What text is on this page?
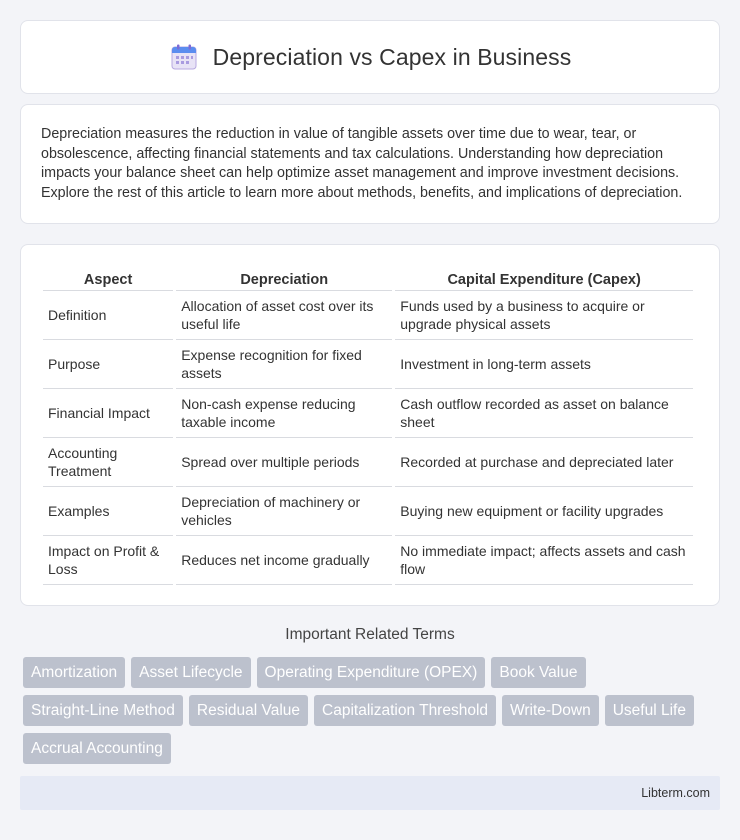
Depreciation vs Capex in Business

Depreciation measures the reduction in value of tangible assets over time due to wear, tear, or obsolescence, affecting financial statements and tax calculations. Understanding how depreciation impacts your balance sheet can help optimize asset management and improve investment decisions. Explore the rest of this article to learn more about methods, benefits, and implications of depreciation.

Aspect	Depreciation	Capital Expenditure (Capex)
Definition	Allocation of asset cost over its useful life	Funds used by a business to acquire or upgrade physical assets
Purpose	Expense recognition for fixed assets	Investment in long-term assets
Financial Impact	Non-cash expense reducing taxable income	Cash outflow recorded as asset on balance sheet
Accounting Treatment	Spread over multiple periods	Recorded at purchase and depreciated later
Examples	Depreciation of machinery or vehicles	Buying new equipment or facility upgrades
Impact on Profit & Loss	Reduces net income gradually	No immediate impact; affects assets and cash flow
Important Related Terms
Amortization	Asset Lifecycle	Operating Expenditure (OPEX)	Book Value
Straight-Line Method	Residual Value	Capitalization Threshold	Write-Down	Useful Life
Accrual Accounting
Libterm.com
